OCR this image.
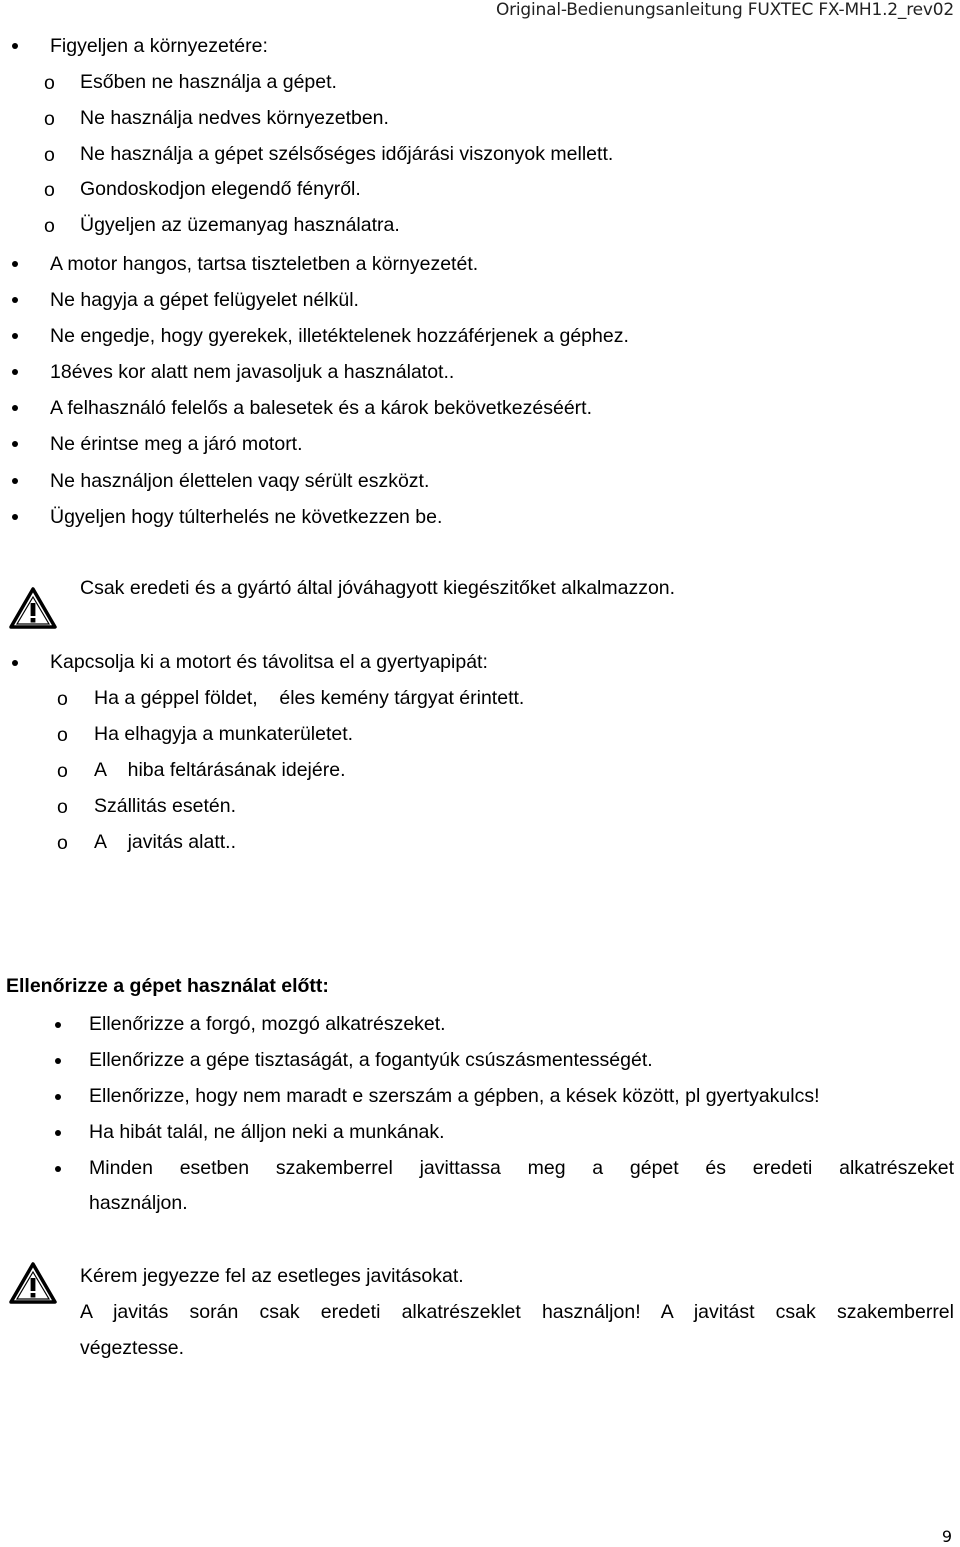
Original-Bedienungsanleitung FUXTEC FX-MH1.2_rev02
Figyeljen a környezetére:
o Esőben ne használja a gépet.
o Ne használja nedves környezetben.
o Ne használja a gépet szélsőséges időjárási viszonyok mellett.
o Gondoskodjon elegendő fényről.
o Ügyeljen az üzemanyag használatra.
A motor hangos, tartsa tiszteletben a környezetét.
Ne hagyja a gépet felügyelet nélkül.
Ne engedje, hogy gyerekek, illetéktelenek hozzáférjenek a géphez.
18éves kor alatt nem javasoljuk a használatot..
A felhasználó felelős a balesetek és a károk bekövetkezéséért.
Ne érintse meg a járó motort.
Ne használjon élettelen vaqy sérült eszközt.
Ügyeljen hogy túlterhelés ne következzen be.
Csak eredeti és a gyártó által jóváhagyott kiegészitőket alkalmazzon.
Kapcsolja ki a motort és távolitsa el a gyertyapipát:
o Ha a géppel földet,    éles kemény tárgyat érintett.
o Ha elhagyja a munkaterületet.
o A    hiba feltárásának idejére.
o Szállitás esetén.
o A    javitás alatt..
Ellenőrizze a gépet használat előtt:
Ellenőrizze a forgó, mozgó alkatrészeket.
Ellenőrizze a gépe tisztaságát, a fogantyúk csúszásmentességét.
Ellenőrizze, hogy nem maradt e szerszám a gépben, a kések között, pl gyertyakulcs!
Ha hibát talál, ne álljon neki a munkának.
Minden esetben szakemberrel javittassa meg a gépet és eredeti alkatrészeket
használjon.
Kérem jegyezze fel az esetleges javitásokat.
A javitás során csak eredeti alkatrészeklet használjon! A javitást csak szakemberrel
végeztesse.
9
